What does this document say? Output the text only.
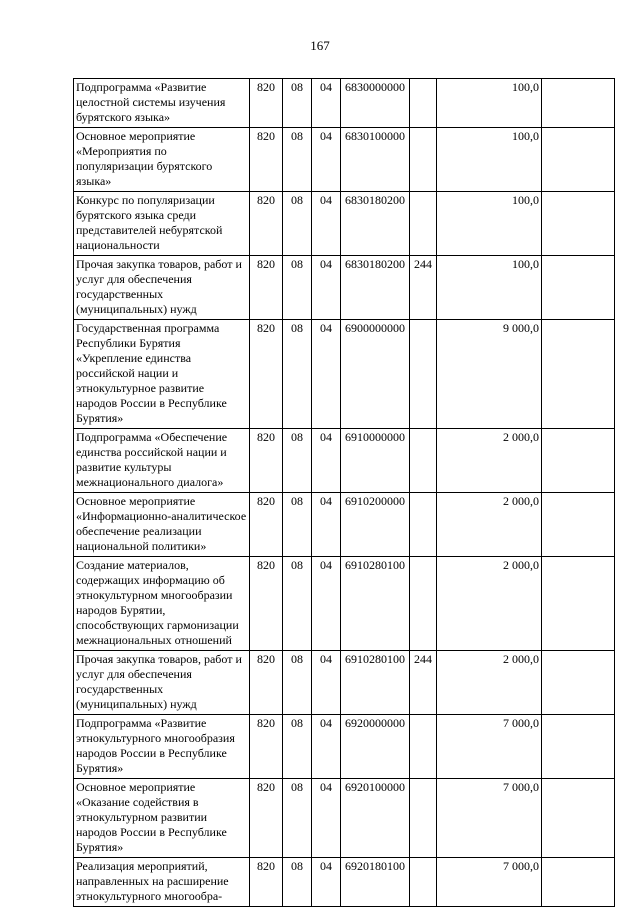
167
Подпрограмма «Развитие целостной системы изучения бурятского языка»	820	08	04	6830000000		100,0	
Основное мероприятие «Мероприятия по популяризации бурятского языка»	820	08	04	6830100000		100,0	
Конкурс по популяризации бурятского языка среди представителей небурятской национальности	820	08	04	6830180200		100,0	
Прочая закупка товаров, работ и услуг для обеспечения государственных (муниципальных) нужд	820	08	04	6830180200	244	100,0	
Государственная программа Республики Бурятия «Укрепление единства российской нации и этнокультурное развитие народов России в Республике Бурятия»	820	08	04	6900000000		9 000,0	
Подпрограмма «Обеспечение единства российской нации и развитие культуры межнационального диалога»	820	08	04	6910000000		2 000,0	
Основное мероприятие «Информационно-аналитическое обеспечение реализации национальной политики»	820	08	04	6910200000		2 000,0	
Создание материалов, содержащих информацию об этнокультурном многообразии народов Бурятии, способствующих гармонизации межнациональных отношений	820	08	04	6910280100		2 000,0	
Прочая закупка товаров, работ и услуг для обеспечения государственных (муниципальных) нужд	820	08	04	6910280100	244	2 000,0	
Подпрограмма «Развитие этнокультурного многообразия народов России в Республике Бурятия»	820	08	04	6920000000		7 000,0	
Основное мероприятие «Оказание содействия в этнокультурном развитии народов России в Республике Бурятия»	820	08	04	6920100000		7 000,0	
Реализация мероприятий, направленных на расширение этнокультурного многообра-	820	08	04	6920180100		7 000,0	
